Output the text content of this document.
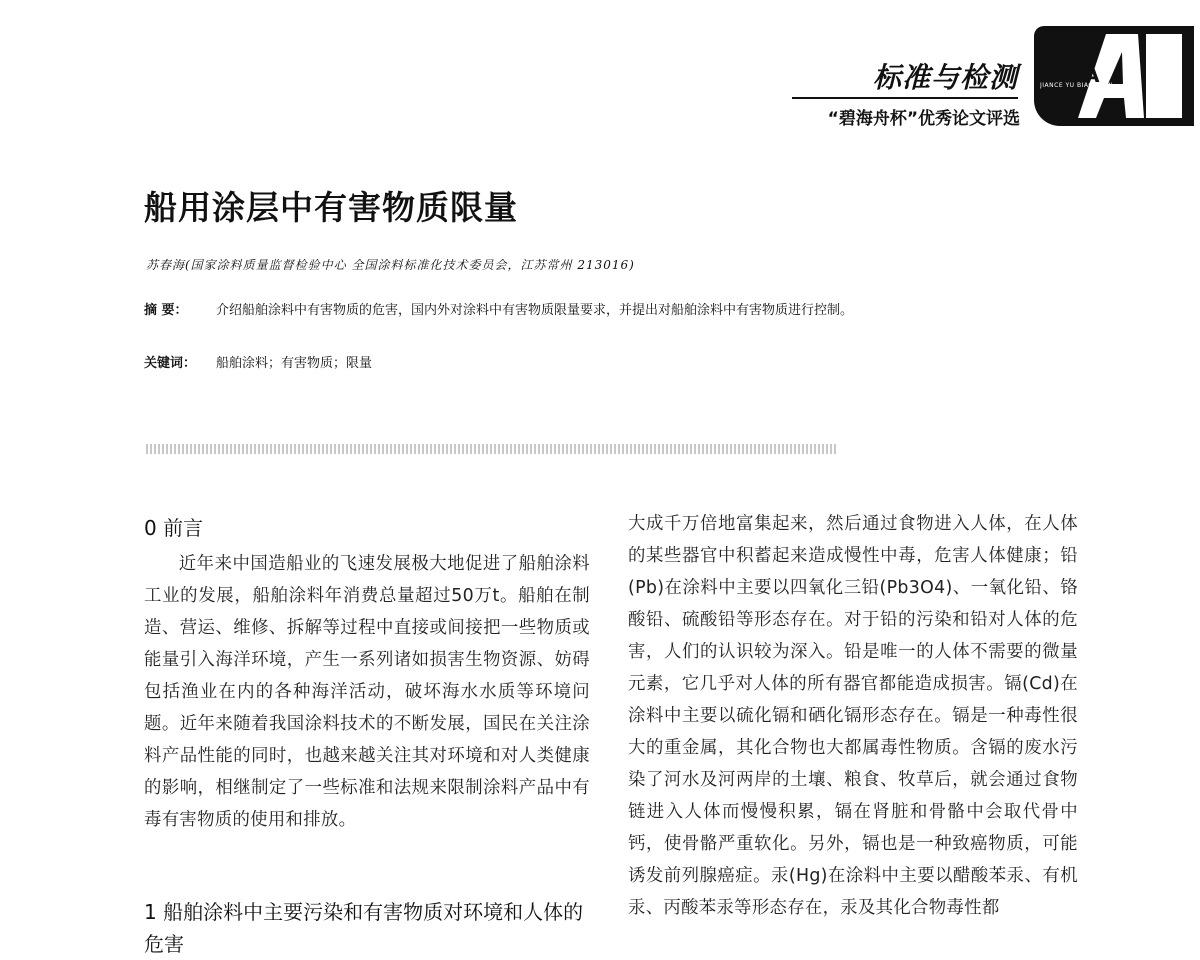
标准与检测
“碧海舟杯”优秀论文评选
A
JIANCE YU BIAOZHUN
船用涂层中有害物质限量
苏春海(国家涂料质量监督检验中心 全国涂料标准化技术委员会，江苏常州 213016)
摘 要： 介绍船舶涂料中有害物质的危害，国内外对涂料中有害物质限量要求，并提出对船舶涂料中有害物质进行控制。
关键词： 船舶涂料；有害物质；限量
0 前言
近年来中国造船业的飞速发展极大地促进了船舶涂料工业的发展，船舶涂料年消费总量超过50万t。船舶在制造、营运、维修、拆解等过程中直接或间接把一些物质或能量引入海洋环境，产生一系列诸如损害生物资源、妨碍包括渔业在内的各种海洋活动，破坏海水水质等环境问题。近年来随着我国涂料技术的不断发展，国民在关注涂料产品性能的同时，也越来越关注其对环境和对人类健康的影响，相继制定了一些标准和法规来限制涂料产品中有毒有害物质的使用和排放。
1 船舶涂料中主要污染和有害物质对环境和人体的危害
大成千万倍地富集起来，然后通过食物进入人体，在人体的某些器官中积蓄起来造成慢性中毒，危害人体健康；铅(Pb)在涂料中主要以四氧化三铅(Pb3O4)、一氧化铅、铬酸铅、硫酸铅等形态存在。对于铅的污染和铅对人体的危害，人们的认识较为深入。铅是唯一的人体不需要的微量元素，它几乎对人体的所有器官都能造成损害。镉(Cd)在涂料中主要以硫化镉和硒化镉形态存在。镉是一种毒性很大的重金属，其化合物也大都属毒性物质。含镉的废水污染了河水及河两岸的土壤、粮食、牧草后，就会通过食物链进入人体而慢慢积累，镉在肾脏和骨骼中会取代骨中钙，使骨骼严重软化。另外，镉也是一种致癌物质，可能诱发前列腺癌症。汞(Hg)在涂料中主要以醋酸苯汞、有机汞、丙酸苯汞等形态存在，汞及其化合物毒性都
